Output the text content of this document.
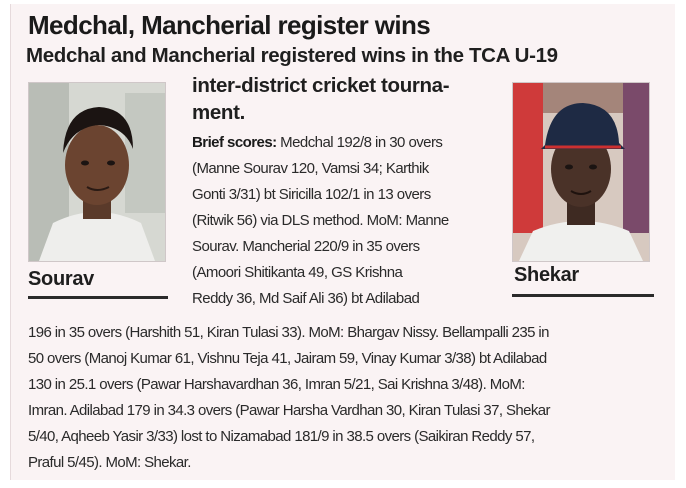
Medchal, Mancherial register wins
Medchal and Mancherial registered wins in the TCA U-19
inter-district cricket tourna-
ment.
Sourav	Shekar
Brief scores: Medchal 192/8 in 30 overs
(Manne Sourav 120, Vamsi 34; Karthik
Gonti 3/31) bt Siricilla 102/1 in 13 overs
(Ritwik 56) via DLS method. MoM: Manne
Sourav. Mancherial 220/9 in 35 overs
(Amoori Shitikanta 49, GS Krishna
Reddy 36, Md Saif Ali 36) bt Adilabad
196 in 35 overs (Harshith 51, Kiran Tulasi 33). MoM: Bhargav Nissy. Bellampalli 235 in
50 overs (Manoj Kumar 61, Vishnu Teja 41, Jairam 59, Vinay Kumar 3/38) bt Adilabad
130 in 25.1 overs (Pawar Harshavardhan 36, Imran 5/21, Sai Krishna 3/48). MoM:
Imran. Adilabad 179 in 34.3 overs (Pawar Harsha Vardhan 30, Kiran Tulasi 37, Shekar
5/40, Aqheeb Yasir 3/33) lost to Nizamabad 181/9 in 38.5 overs (Saikiran Reddy 57,
Praful 5/45). MoM: Shekar.
